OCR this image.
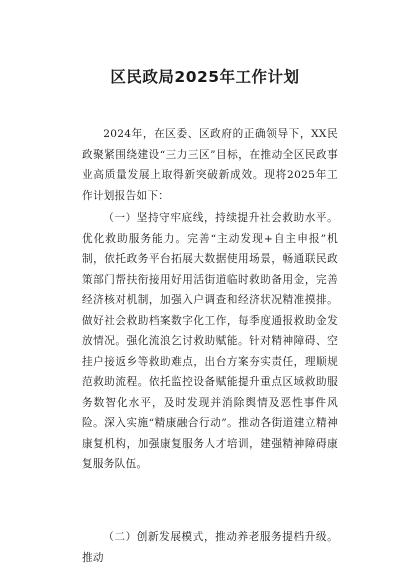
区民政局2025年工作计划

2024年，在区委、区政府的正确领导下，XX民政聚紧围绕建设“三力三区”目标，在推动全区民政事业高质量发展上取得新突破新成效。现将2025年工作计划报告如下：

（一）坚持守牢底线，持续提升社会救助水平。优化救助服务能力。完善“主动发现+自主申报”机制，依托政务平台拓展大数据使用场景，畅通联民政策部门帮扶衔接用好用活街道临时救助备用金，完善经济核对机制，加强入户调查和经济状况精准摸排。做好社会救助档案数字化工作，每季度通报救助金发放情况。强化流浪乞讨救助赋能。针对精神障碍、空挂户接返乡等救助难点，出台方案夯实责任，理顺规范救助流程。依托监控设备赋能提升重点区域救助服务数智化水平，及时发现并消除舆情及恶性事件风险。深入实施“精康融合行动”。推动各街道建立精神康复机构，加强康复服务人才培训，建强精神障碍康复服务队伍。

（二）创新发展模式，推动养老服务提档升级。推动
